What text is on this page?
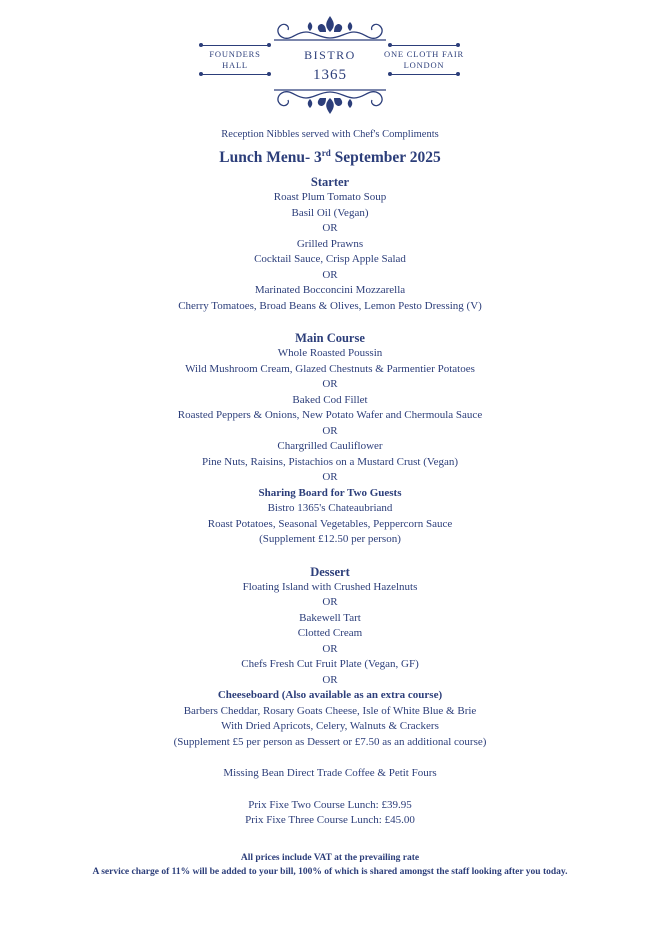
FOUNDERS
HALL
BISTRO
1365
ONE CLOTH FAIR
LONDON
Reception Nibbles served with Chef's Compliments
Lunch Menu- 3rd September 2025
Starter
Roast Plum Tomato Soup
Basil Oil (Vegan)
OR
Grilled Prawns
Cocktail Sauce, Crisp Apple Salad
OR
Marinated Bocconcini Mozzarella
Cherry Tomatoes, Broad Beans & Olives, Lemon Pesto Dressing (V)
Main Course
Whole Roasted Poussin
Wild Mushroom Cream, Glazed Chestnuts & Parmentier Potatoes
OR
Baked Cod Fillet
Roasted Peppers & Onions, New Potato Wafer and Chermoula Sauce
OR
Chargrilled Cauliflower
Pine Nuts, Raisins, Pistachios on a Mustard Crust (Vegan)
OR
Sharing Board for Two Guests
Bistro 1365's Chateaubriand
Roast Potatoes, Seasonal Vegetables, Peppercorn Sauce
(Supplement £12.50 per person)
Dessert
Floating Island with Crushed Hazelnuts
OR
Bakewell Tart
Clotted Cream
OR
Chefs Fresh Cut Fruit Plate (Vegan, GF)
OR
Cheeseboard (Also available as an extra course)
Barbers Cheddar, Rosary Goats Cheese, Isle of White Blue & Brie
With Dried Apricots, Celery, Walnuts & Crackers
(Supplement £5 per person as Dessert or £7.50 as an additional course)
Missing Bean Direct Trade Coffee & Petit Fours
Prix Fixe Two Course Lunch: £39.95
Prix Fixe Three Course Lunch: £45.00
All prices include VAT at the prevailing rate
A service charge of 11% will be added to your bill, 100% of which is shared amongst the staff looking after you today.
